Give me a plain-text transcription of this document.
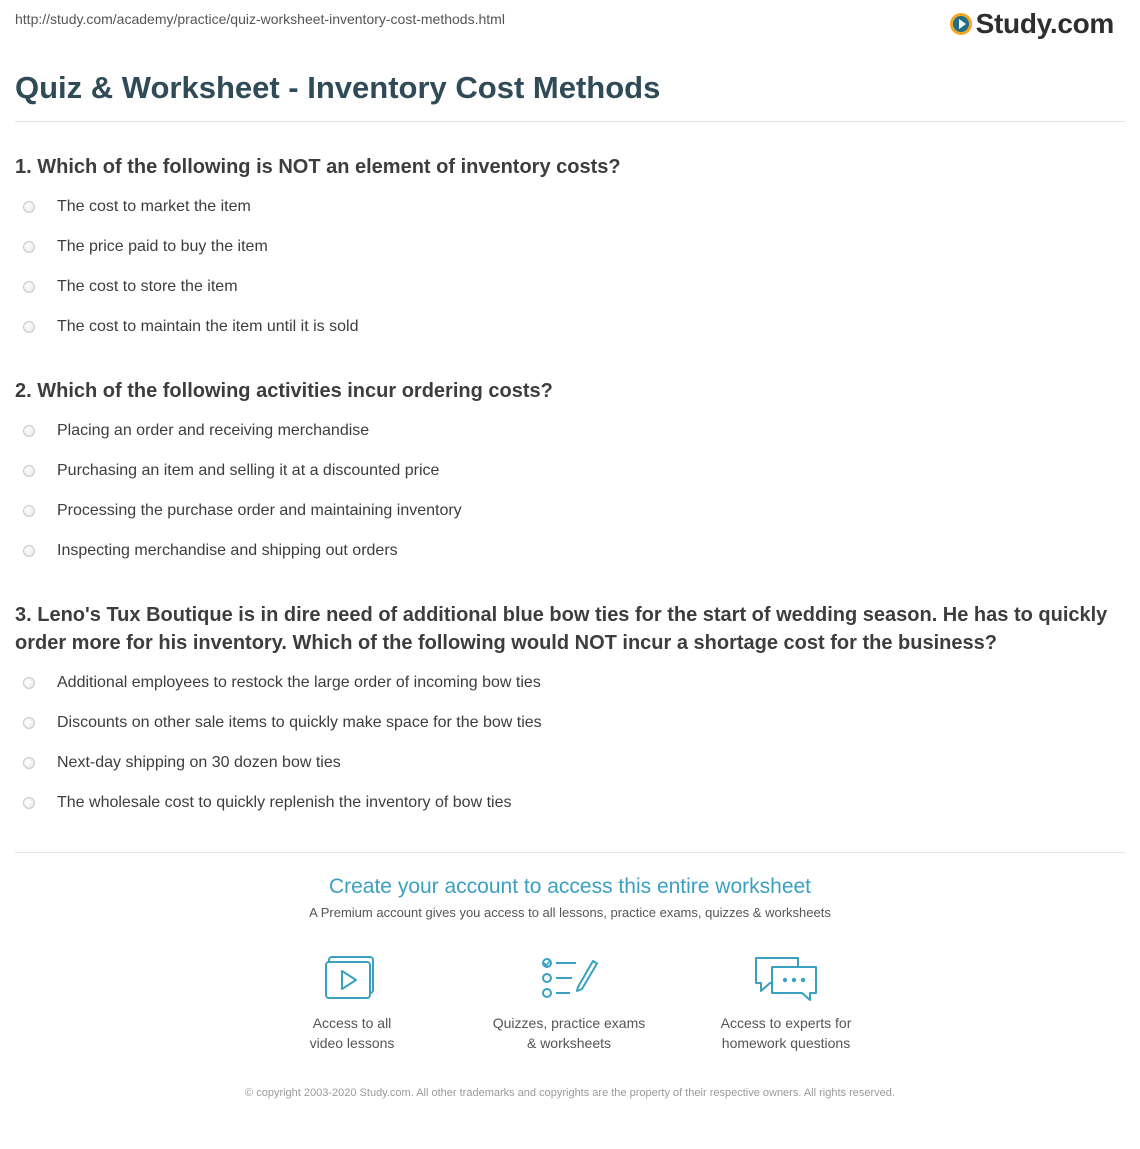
http://study.com/academy/practice/quiz-worksheet-inventory-cost-methods.html	Study.com
Quiz & Worksheet - Inventory Cost Methods

1. Which of the following is NOT an element of inventory costs?

The cost to market the item
The price paid to buy the item
The cost to store the item
The cost to maintain the item until it is sold

2. Which of the following activities incur ordering costs?

Placing an order and receiving merchandise
Purchasing an item and selling it at a discounted price
Processing the purchase order and maintaining inventory
Inspecting merchandise and shipping out orders

3. Leno's Tux Boutique is in dire need of additional blue bow ties for the start of wedding season. He has to quickly order more for his inventory. Which of the following would NOT incur a shortage cost for the business?

Additional employees to restock the large order of incoming bow ties
Discounts on other sale items to quickly make space for the bow ties
Next-day shipping on 30 dozen bow ties
The wholesale cost to quickly replenish the inventory of bow ties
Create your account to access this entire worksheet
A Premium account gives you access to all lessons, practice exams, quizzes & worksheets
Access to all
video lessons
Quizzes, practice exams
& worksheets
Access to experts for
homework questions
© copyright 2003-2020 Study.com. All other trademarks and copyrights are the property of their respective owners. All rights reserved.
